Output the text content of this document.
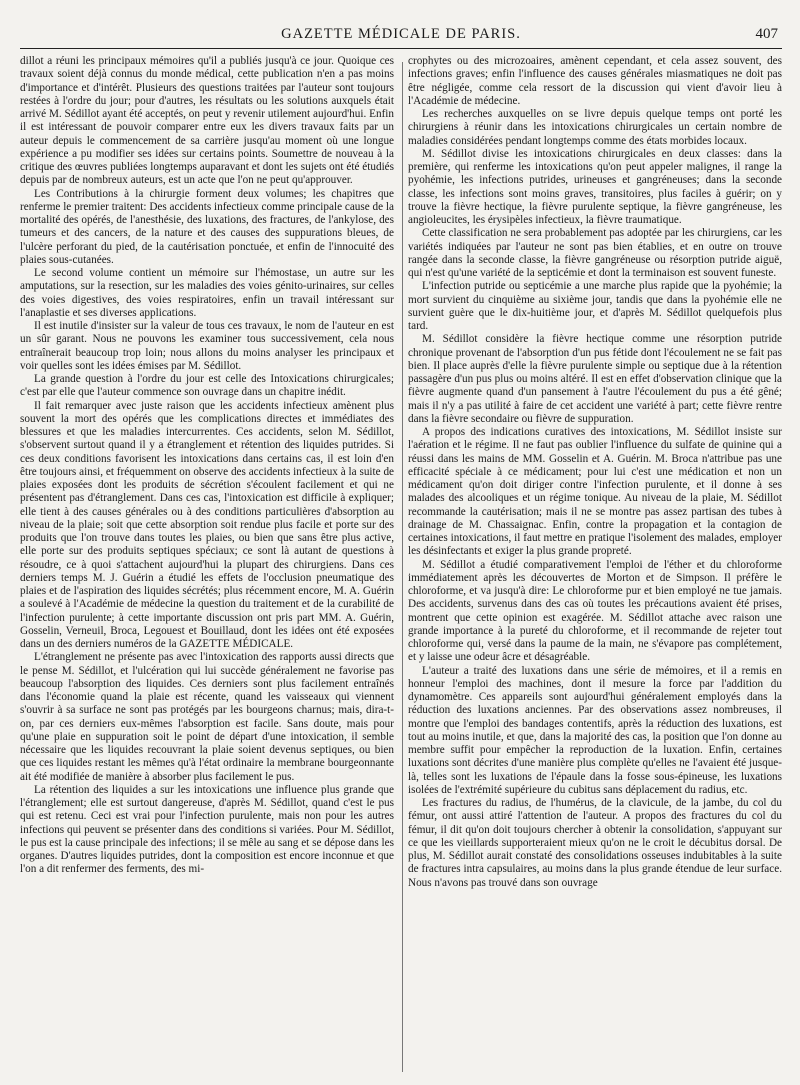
GAZETTE MÉDICALE DE PARIS.	407

dillot a réuni les principaux mémoires qu'il a publiés jusqu'à ce jour. Quoique ces travaux soient déjà connus du monde médical, cette publication n'en a pas moins d'importance et d'intérêt. Plusieurs des questions traitées par l'auteur sont toujours restées à l'ordre du jour; pour d'autres, les résultats ou les solutions auxquels était arrivé M. Sédillot ayant été acceptés, on peut y revenir utilement aujourd'hui. Enfin il est intéressant de pouvoir comparer entre eux les divers travaux faits par un auteur depuis le commencement de sa carrière jusqu'au moment où une longue expérience a pu modifier ses idées sur certains points. Soumettre de nouveau à la critique des œuvres publiées longtemps auparavant et dont les sujets ont été étudiés depuis par de nombreux auteurs, est un acte que l'on ne peut qu'approuver.

Les Contributions à la chirurgie forment deux volumes; les chapitres que renferme le premier traitent: Des accidents infectieux comme principale cause de la mortalité des opérés, de l'anesthésie, des luxations, des fractures, de l'ankylose, des tumeurs et des cancers, de la nature et des causes des suppurations bleues, de l'ulcère perforant du pied, de la cautérisation ponctuée, et enfin de l'innocuité des plaies sous-cutanées.

Le second volume contient un mémoire sur l'hémostase, un autre sur les amputations, sur la resection, sur les maladies des voies génito-urinaires, sur celles des voies digestives, des voies respiratoires, enfin un travail intéressant sur l'anaplastie et ses diverses applications.

Il est inutile d'insister sur la valeur de tous ces travaux, le nom de l'auteur en est un sûr garant. Nous ne pouvons les examiner tous successivement, cela nous entraînerait beaucoup trop loin; nous allons du moins analyser les principaux et voir quelles sont les idées émises par M. Sédillot.

La grande question à l'ordre du jour est celle des Intoxications chirurgicales; c'est par elle que l'auteur commence son ouvrage dans un chapitre inédit.

Il fait remarquer avec juste raison que les accidents infectieux amènent plus souvent la mort des opérés que les complications directes et immédiates des blessures et que les maladies intercurrentes. Ces accidents, selon M. Sédillot, s'observent surtout quand il y a étranglement et rétention des liquides putrides. Si ces deux conditions favorisent les intoxications dans certains cas, il est loin d'en être toujours ainsi, et fréquemment on observe des accidents infectieux à la suite de plaies exposées dont les produits de sécrétion s'écoulent facilement et qui ne présentent pas d'étranglement. Dans ces cas, l'intoxication est difficile à expliquer; elle tient à des causes générales ou à des conditions particulières d'absorption au niveau de la plaie; soit que cette absorption soit rendue plus facile et porte sur des produits que l'on trouve dans toutes les plaies, ou bien que sans être plus active, elle porte sur des produits septiques spéciaux; ce sont là autant de questions à résoudre, ce à quoi s'attachent aujourd'hui la plupart des chirurgiens. Dans ces derniers temps M. J. Guérin a étudié les effets de l'occlusion pneumatique des plaies et de l'aspiration des liquides sécrétés; plus récemment encore, M. A. Guérin a soulevé à l'Académie de médecine la question du traitement et de la curabilité de l'infection purulente; à cette importante discussion ont pris part MM. A. Guérin, Gosselin, Verneuil, Broca, Legouest et Bouillaud, dont les idées ont été exposées dans un des derniers numéros de la GAZETTE MÉDICALE.

L'étranglement ne présente pas avec l'intoxication des rapports aussi directs que le pense M. Sédillot, et l'ulcération qui lui succède généralement ne favorise pas beaucoup l'absorption des liquides. Ces derniers sont plus facilement entraînés dans l'économie quand la plaie est récente, quand les vaisseaux qui viennent s'ouvrir à sa surface ne sont pas protégés par les bourgeons charnus; mais, dira-t-on, par ces derniers eux-mêmes l'absorption est facile. Sans doute, mais pour qu'une plaie en suppuration soit le point de départ d'une intoxication, il semble nécessaire que les liquides recouvrant la plaie soient devenus septiques, ou bien que ces liquides restant les mêmes qu'à l'état ordinaire la membrane bourgeonnante ait été modifiée de manière à absorber plus facilement le pus.

La rétention des liquides a sur les intoxications une influence plus grande que l'étranglement; elle est surtout dangereuse, d'après M. Sédillot, quand c'est le pus qui est retenu. Ceci est vrai pour l'infection purulente, mais non pour les autres infections qui peuvent se présenter dans des conditions si variées. Pour M. Sédillot, le pus est la cause principale des infections; il se mêle au sang et se dépose dans les organes. D'autres liquides putrides, dont la composition est encore inconnue et que l'on a dit renfermer des ferments, des mi-

crophytes ou des microzoaires, amènent cependant, et cela assez souvent, des infections graves; enfin l'influence des causes générales miasmatiques ne doit pas être négligée, comme cela ressort de la discussion qui vient d'avoir lieu à l'Académie de médecine.

Les recherches auxquelles on se livre depuis quelque temps ont porté les chirurgiens à réunir dans les intoxications chirurgicales un certain nombre de maladies considérées pendant longtemps comme des états morbides locaux.

M. Sédillot divise les intoxications chirurgicales en deux classes: dans la première, qui renferme les intoxications qu'on peut appeler malignes, il range la pyohémie, les infections putrides, urineuses et gangréneuses; dans la seconde classe, les infections sont moins graves, transitoires, plus faciles à guérir; on y trouve la fièvre hectique, la fièvre purulente septique, la fièvre gangréneuse, les angioleucites, les érysipèles infectieux, la fièvre traumatique.

Cette classification ne sera probablement pas adoptée par les chirurgiens, car les variétés indiquées par l'auteur ne sont pas bien établies, et en outre on trouve rangée dans la seconde classe, la fièvre gangréneuse ou résorption putride aiguë, qui n'est qu'une variété de la septicémie et dont la terminaison est souvent funeste.

L'infection putride ou septicémie a une marche plus rapide que la pyohémie; la mort survient du cinquième au sixième jour, tandis que dans la pyohémie elle ne survient guère que le dix-huitième jour, et d'après M. Sédillot quelquefois plus tard.

M. Sédillot considère la fièvre hectique comme une résorption putride chronique provenant de l'absorption d'un pus fétide dont l'écoulement ne se fait pas bien. Il place auprès d'elle la fièvre purulente simple ou septique due à la rétention passagère d'un pus plus ou moins altéré. Il est en effet d'observation clinique que la fièvre augmente quand d'un pansement à l'autre l'écoulement du pus a été gêné; mais il n'y a pas utilité à faire de cet accident une variété à part; cette fièvre rentre dans la fièvre secondaire ou fièvre de suppuration.

A propos des indications curatives des intoxications, M. Sédillot insiste sur l'aération et le régime. Il ne faut pas oublier l'influence du sulfate de quinine qui a réussi dans les mains de MM. Gosselin et A. Guérin. M. Broca n'attribue pas une efficacité spéciale à ce médicament; pour lui c'est une médication et non un médicament qu'on doit diriger contre l'infection purulente, et il donne à ses malades des alcooliques et un régime tonique. Au niveau de la plaie, M. Sédillot recommande la cautérisation; mais il ne se montre pas assez partisan des tubes à drainage de M. Chassaignac. Enfin, contre la propagation et la contagion de certaines intoxications, il faut mettre en pratique l'isolement des malades, employer les désinfectants et exiger la plus grande propreté.

M. Sédillot a étudié comparativement l'emploi de l'éther et du chloroforme immédiatement après les découvertes de Morton et de Simpson. Il préfère le chloroforme, et va jusqu'à dire: Le chloroforme pur et bien employé ne tue jamais. Des accidents, survenus dans des cas où toutes les précautions avaient été prises, montrent que cette opinion est exagérée. M. Sédillot attache avec raison une grande importance à la pureté du chloroforme, et il recommande de rejeter tout chloroforme qui, versé dans la paume de la main, ne s'évapore pas complétement, et y laisse une odeur âcre et désagréable.

L'auteur a traité des luxations dans une série de mémoires, et il a remis en honneur l'emploi des machines, dont il mesure la force par l'addition du dynamomètre. Ces appareils sont aujourd'hui généralement employés dans la réduction des luxations anciennes. Par des observations assez nombreuses, il montre que l'emploi des bandages contentifs, après la réduction des luxations, est tout au moins inutile, et que, dans la majorité des cas, la position que l'on donne au membre suffit pour empêcher la reproduction de la luxation. Enfin, certaines luxations sont décrites d'une manière plus complète qu'elles ne l'avaient été jusque-là, telles sont les luxations de l'épaule dans la fosse sous-épineuse, les luxations isolées de l'extrémité supérieure du cubitus sans déplacement du radius, etc.

Les fractures du radius, de l'humérus, de la clavicule, de la jambe, du col du fémur, ont aussi attiré l'attention de l'auteur. A propos des fractures du col du fémur, il dit qu'on doit toujours chercher à obtenir la consolidation, s'appuyant sur ce que les vieillards supporteraient mieux qu'on ne le croit le décubitus dorsal. De plus, M. Sédillot aurait constaté des consolidations osseuses indubitables à la suite de fractures intra capsulaires, au moins dans la plus grande étendue de leur surface. Nous n'avons pas trouvé dans son ouvrage
